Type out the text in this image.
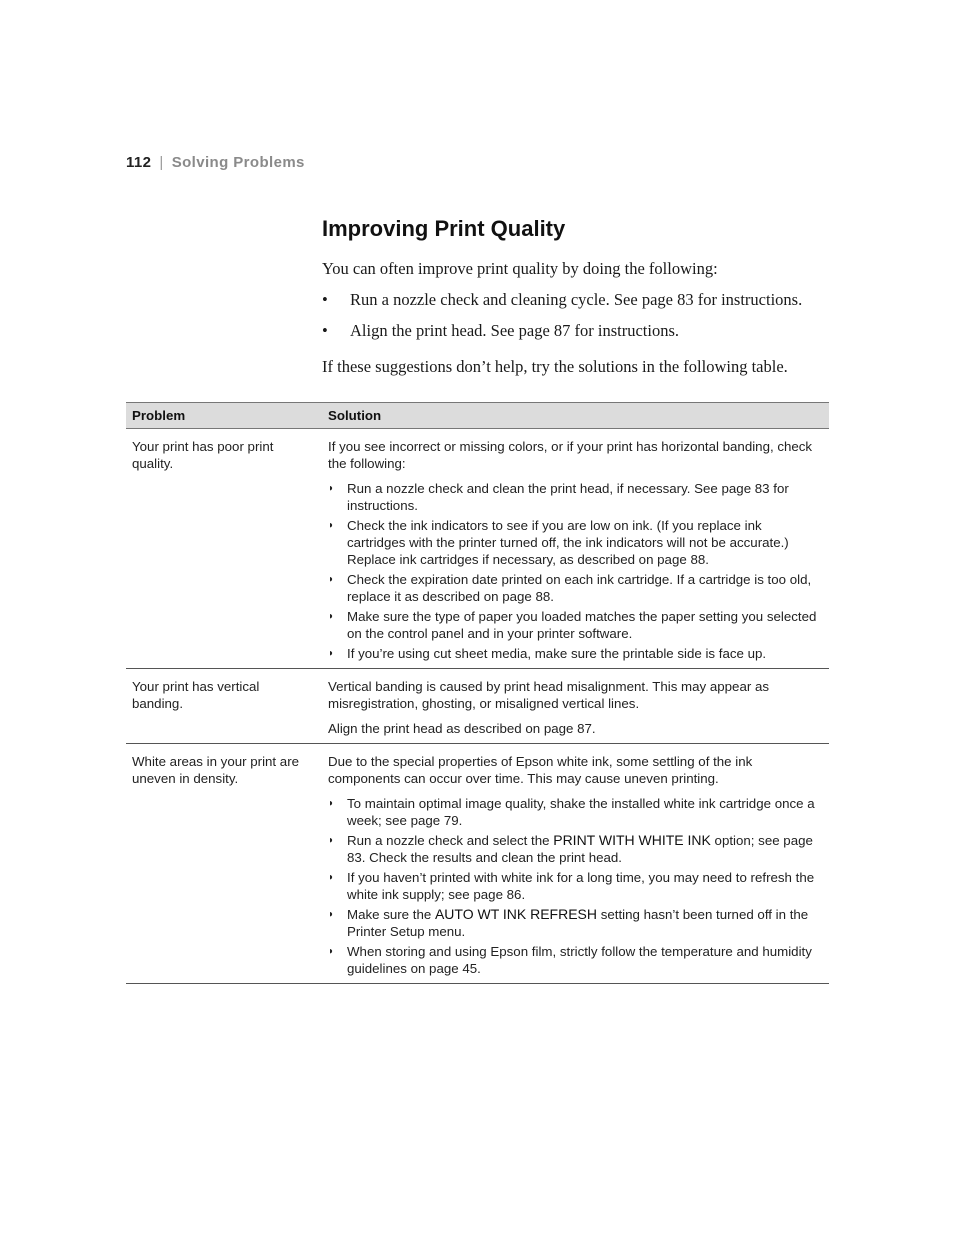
112 | Solving Problems
Improving Print Quality

You can often improve print quality by doing the following:

• Run a nozzle check and cleaning cycle. See page 83 for instructions.
• Align the print head. See page 87 for instructions.

If these suggestions don’t help, try the solutions in the following table.

Problem	Solution
Your print has poor print quality.

If you see incorrect or missing colors, or if your print has horizontal banding, check the following:

◗ Run a nozzle check and clean the print head, if necessary. See page 83 for instructions.
◗ Check the ink indicators to see if you are low on ink. (If you replace ink cartridges with the printer turned off, the ink indicators will not be accurate.) Replace ink cartridges if necessary, as described on page 88.
◗ Check the expiration date printed on each ink cartridge. If a cartridge is too old, replace it as described on page 88.
◗ Make sure the type of paper you loaded matches the paper setting you selected on the control panel and in your printer software.
◗ If you’re using cut sheet media, make sure the printable side is face up.
Your print has vertical banding.

Vertical banding is caused by print head misalignment. This may appear as misregistration, ghosting, or misaligned vertical lines.

Align the print head as described on page 87.

White areas in your print are uneven in density.

Due to the special properties of Epson white ink, some settling of the ink components can occur over time. This may cause uneven printing.

◗ To maintain optimal image quality, shake the installed white ink cartridge once a week; see page 79.
◗ Run a nozzle check and select the PRINT WITH WHITE INK option; see page 83. Check the results and clean the print head.
◗ If you haven’t printed with white ink for a long time, you may need to refresh the white ink supply; see page 86.
◗ Make sure the AUTO WT INK REFRESH setting hasn’t been turned off in the Printer Setup menu.
◗ When storing and using Epson film, strictly follow the temperature and humidity guidelines on page 45.
